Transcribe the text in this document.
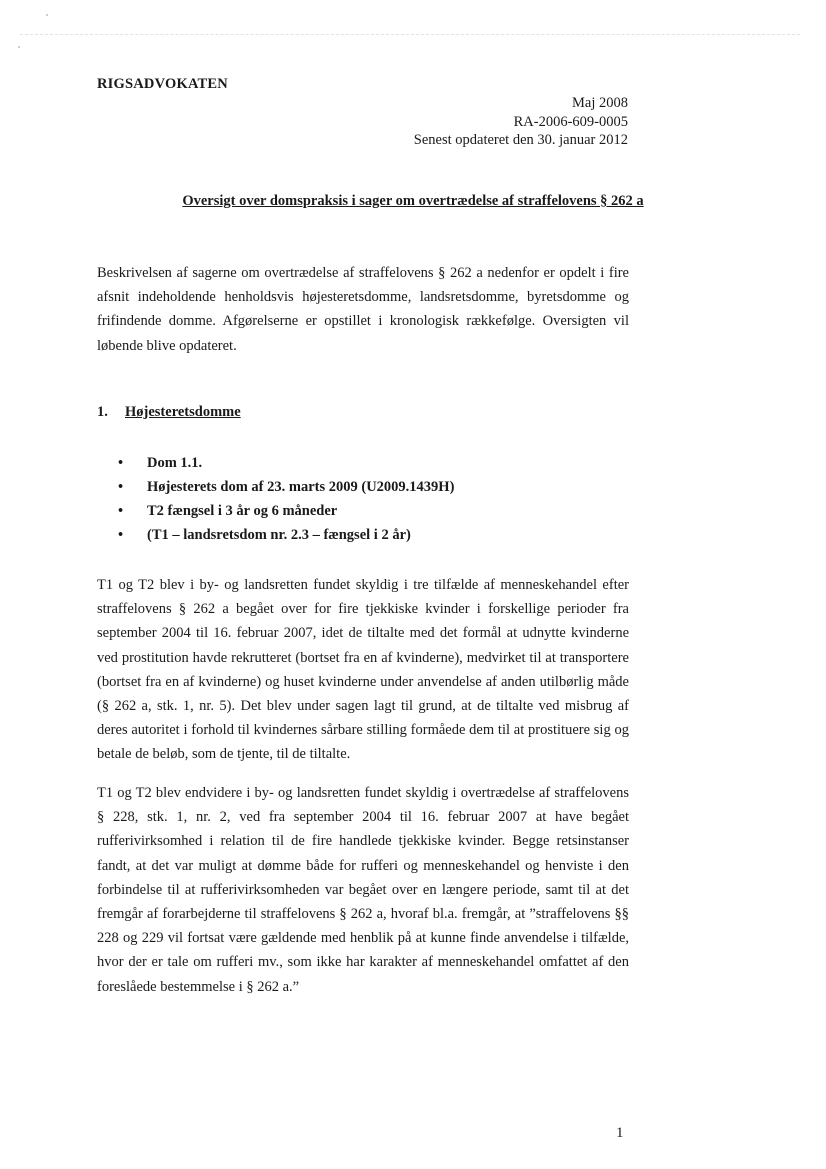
RIGSADVOKATEN
Maj 2008
RA-2006-609-0005
Senest opdateret den 30. januar 2012
Oversigt over domspraksis i sager om overtrædelse af straffelovens § 262 a
Beskrivelsen af sagerne om overtrædelse af straffelovens § 262 a nedenfor er opdelt i fire afsnit indeholdende henholdsvis højesteretsdomme, landsretsdomme, byretsdomme og frifindende domme. Afgørelserne er opstillet i kronologisk rækkefølge. Oversigten vil løbende blive opdateret.
1. Højesteretsdomme
• Dom 1.1.
• Højesterets dom af 23. marts 2009 (U2009.1439H)
• T2 fængsel i 3 år og 6 måneder
• (T1 – landsretsdom nr. 2.3 – fængsel i 2 år)
T1 og T2 blev i by- og landsretten fundet skyldig i tre tilfælde af menneskehandel efter straffelovens § 262 a begået over for fire tjekkiske kvinder i forskellige perioder fra september 2004 til 16. februar 2007, idet de tiltalte med det formål at udnytte kvinderne ved prostitution havde rekrutteret (bortset fra en af kvinderne), medvirket til at transportere (bortset fra en af kvinderne) og huset kvinderne under anvendelse af anden utilbørlig måde (§ 262 a, stk. 1, nr. 5). Det blev under sagen lagt til grund, at de tiltalte ved misbrug af deres autoritet i forhold til kvindernes sårbare stilling formåede dem til at prostituere sig og betale de beløb, som de tjente, til de tiltalte.
T1 og T2 blev endvidere i by- og landsretten fundet skyldig i overtrædelse af straffelovens § 228, stk. 1, nr. 2, ved fra september 2004 til 16. februar 2007 at have begået rufferivirksomhed i relation til de fire handlede tjekkiske kvinder. Begge retsinstanser fandt, at det var muligt at dømme både for rufferi og menneskehandel og henviste i den forbindelse til at rufferivirksomheden var begået over en længere periode, samt til at det fremgår af forarbejderne til straffelovens § 262 a, hvoraf bl.a. fremgår, at ”straffelovens §§ 228 og 229 vil fortsat være gældende med henblik på at kunne finde anvendelse i tilfælde, hvor der er tale om rufferi mv., som ikke har karakter af menneskehandel omfattet af den foreslåede bestemmelse i § 262 a.”
1
